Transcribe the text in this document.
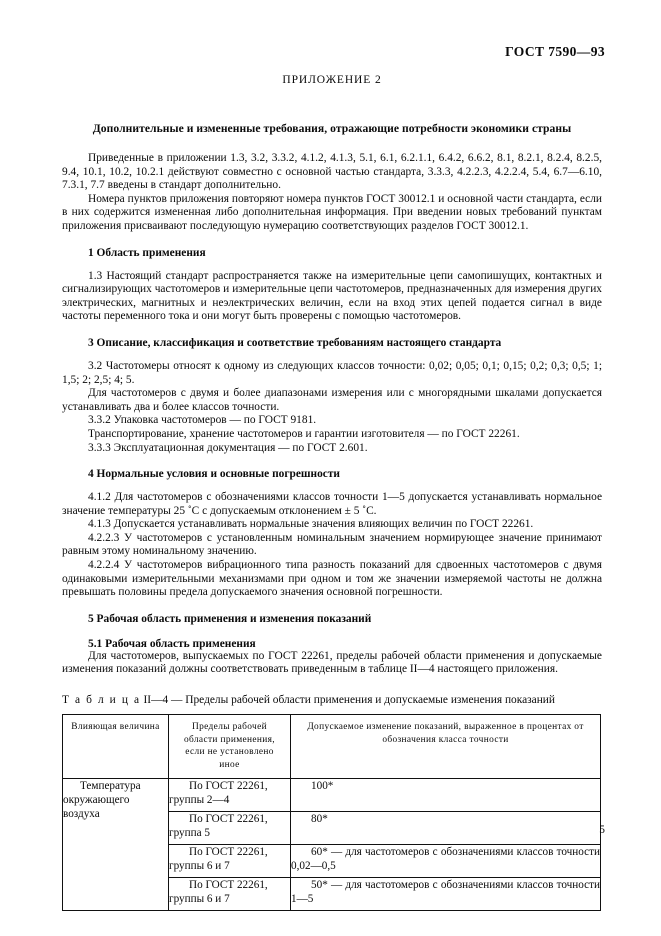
ГОСТ 7590—93
ПРИЛОЖЕНИЕ 2
Дополнительные и измененные требования, отражающие потребности экономики страны

Приведенные в приложении 1.3, 3.2, 3.3.2, 4.1.2, 4.1.3, 5.1, 6.1, 6.2.1.1, 6.4.2, 6.6.2, 8.1, 8.2.1, 8.2.4, 8.2.5, 9.4, 10.1, 10.2, 10.2.1 действуют совместно с основной частью стандарта, 3.3.3, 4.2.2.3, 4.2.2.4, 5.4, 6.7—6.10, 7.3.1, 7.7 введены в стандарт дополнительно.

Номера пунктов приложения повторяют номера пунктов ГОСТ 30012.1 и основной части стандарта, если в них содержится измененная либо дополнительная информация. При введении новых требований пунктам приложения присваивают последующую нумерацию соответствующих разделов ГОСТ 30012.1.

1 Область применения

1.3 Настоящий стандарт распространяется также на измерительные цепи самопишущих, контактных и сигнализирующих частотомеров и измерительные цепи частотомеров, предназначенных для измерения других электрических, магнитных и неэлектрических величин, если на вход этих цепей подается сигнал в виде частоты переменного тока и они могут быть проверены с помощью частотомеров.

3 Описание, классификация и соответствие требованиям настоящего стандарта

3.2 Частотомеры относят к одному из следующих классов точности: 0,02; 0,05; 0,1; 0,15; 0,2; 0,3; 0,5; 1; 1,5; 2; 2,5; 4; 5.

Для частотомеров с двумя и более диапазонами измерения или с многорядными шкалами допускается устанавливать два и более классов точности.

3.3.2 Упаковка частотомеров — по ГОСТ 9181.

Транспортирование, хранение частотомеров и гарантии изготовителя — по ГОСТ 22261.

3.3.3 Эксплуатационная документация — по ГОСТ 2.601.

4 Нормальные условия и основные погрешности

4.1.2 Для частотомеров с обозначениями классов точности 1—5 допускается устанавливать нормальное значение температуры 25 ˚С с допускаемым отклонением ± 5 ˚С.

4.1.3 Допускается устанавливать нормальные значения влияющих величин по ГОСТ 22261.

4.2.2.3 У частотомеров с установленным номинальным значением нормирующее значение принимают равным этому номинальному значению.

4.2.2.4 У частотомеров вибрационного типа разность показаний для сдвоенных частотомеров с двумя одинаковыми измерительными механизмами при одном и том же значении измеряемой частоты не должна превышать половины предела допускаемого значения основной погрешности.

5 Рабочая область применения и изменения показаний
5.1 Рабочая область применения

Для частотомеров, выпускаемых по ГОСТ 22261, пределы рабочей области применения и допускаемые изменения показаний должны соответствовать приведенным в таблице II—4 настоящего приложения.

Т а б л и ц а II—4 — Пределы рабочей области применения и допускаемые изменения показаний
Влияющая величина	Пределы рабочей области применения, если не установлено иное	Допускаемое изменение показаний, выраженное в процентах от обозначения класса точности
Температура окружающего воздуха	По ГОСТ 22261, группы 2—4	100*
	По ГОСТ 22261, группа 5	80*
	По ГОСТ 22261, группы 6 и 7	60* — для частотомеров с обозначениями классов точности 0,02—0,5
	По ГОСТ 22261, группы 6 и 7	50* — для частотомеров с обозначениями классов точности 1—5
5
